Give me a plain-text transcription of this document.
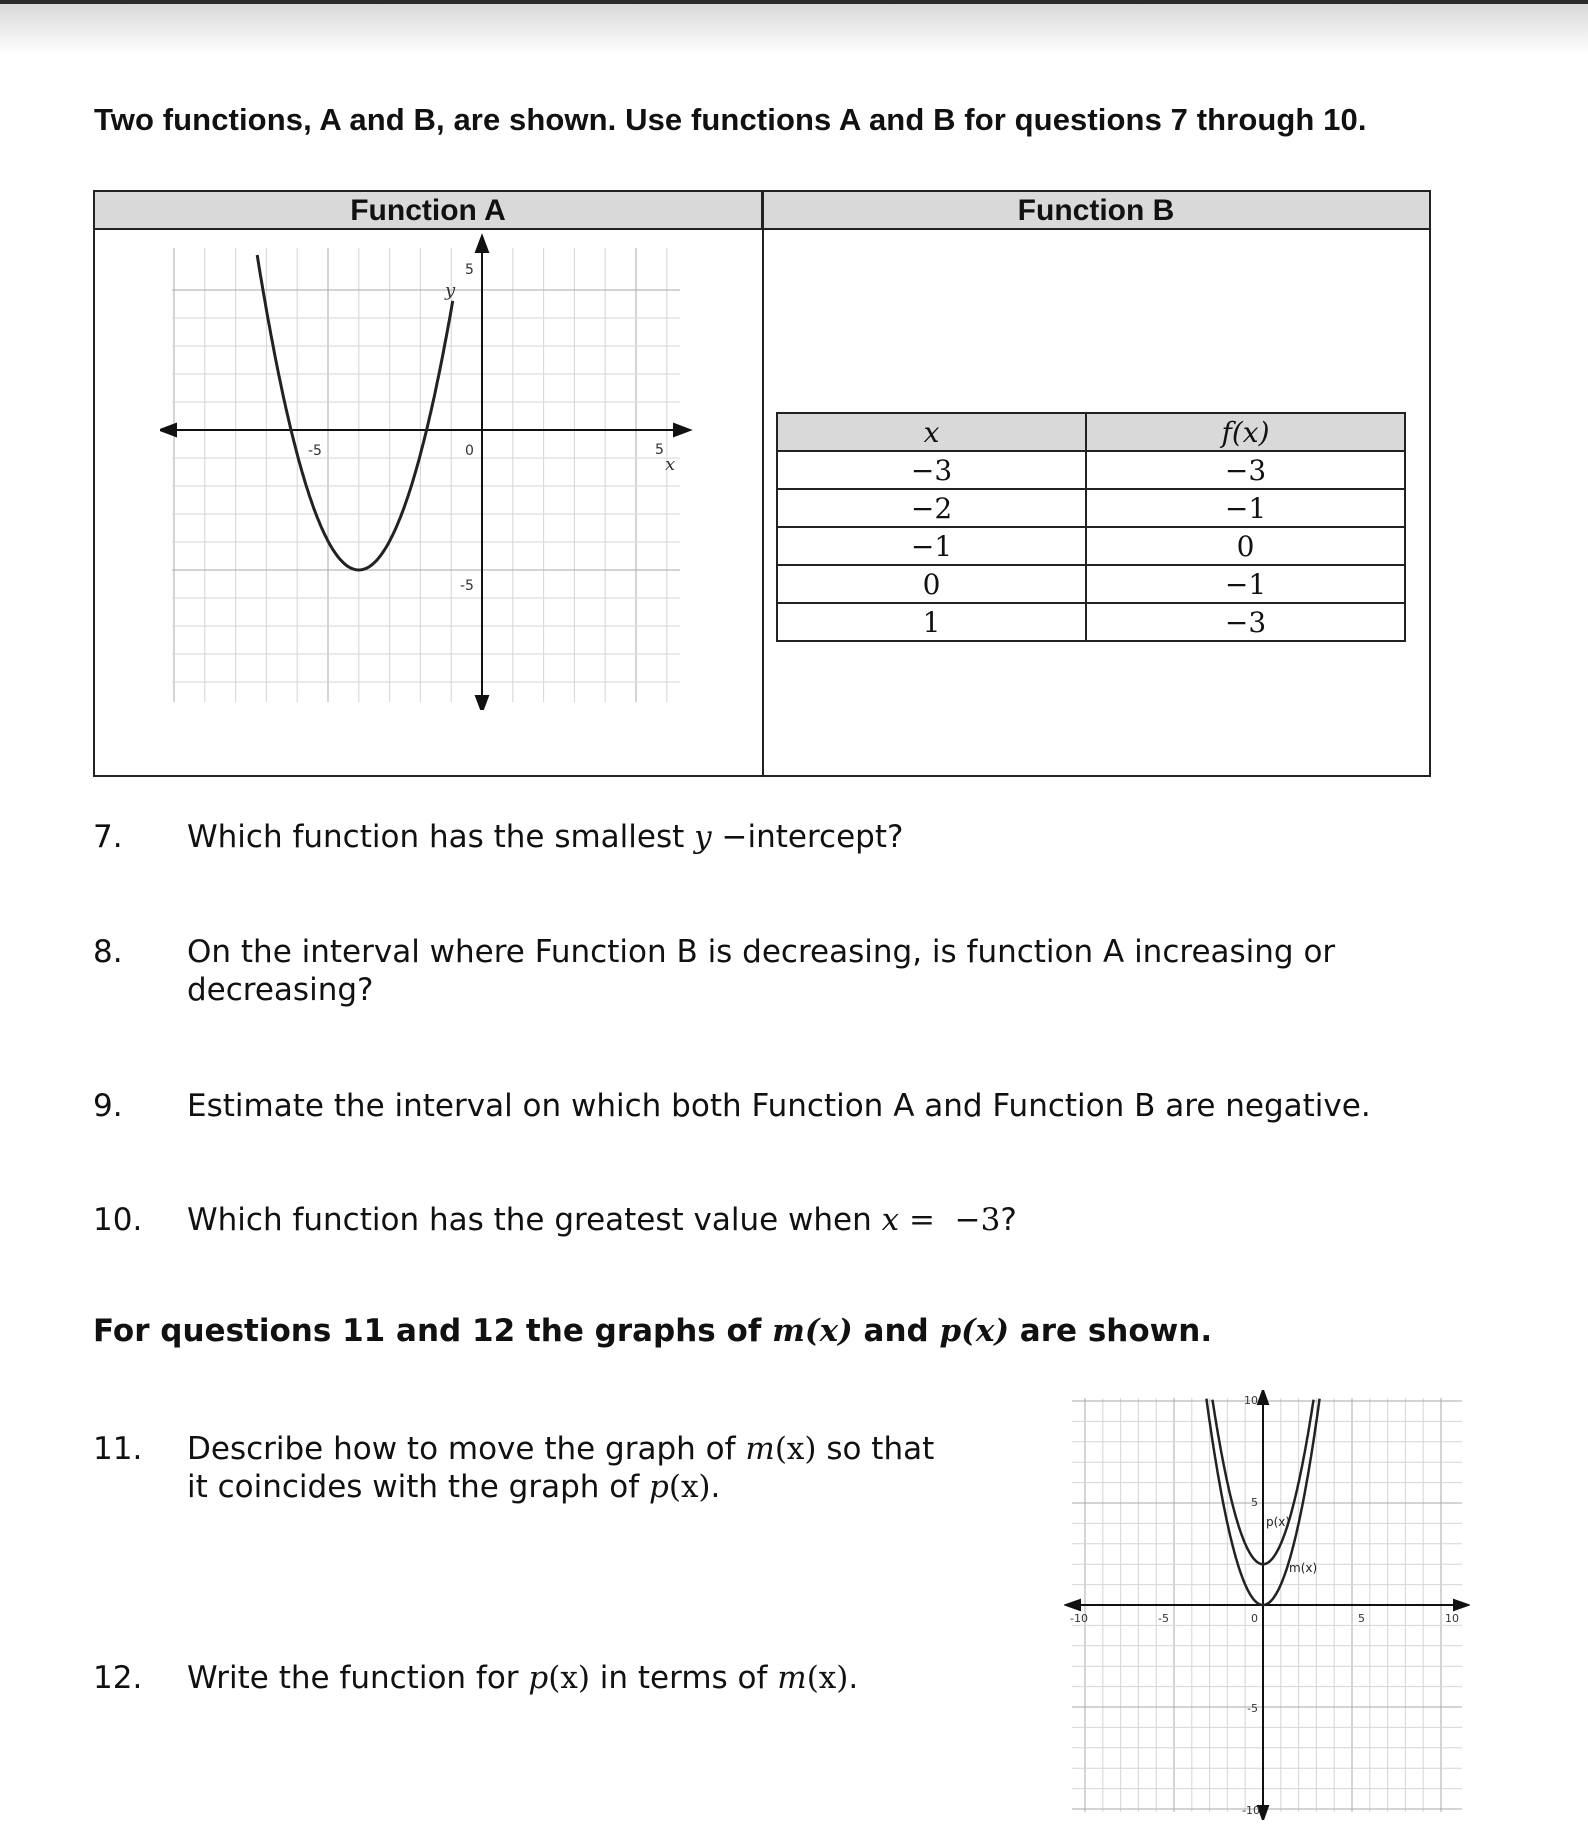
Two functions, A and B, are shown. Use functions A and B for questions 7 through 10.
Function A	Function B
-5	0	5
5
-5
y
x
x	f(x)
−3	−3
−2	−1
−1	0
0	−1
1	−3
7. Which function has the smallest y −intercept?
8. On the interval where Function B is decreasing, is function A increasing or
decreasing?
9. Estimate the interval on which both Function A and Function B are negative.
10. Which function has the greatest value when x =  −3?
For questions 11 and 12 the graphs of m(x) and p(x) are shown.
11. Describe how to move the graph of m(x) so that
it coincides with the graph of p(x).
12. Write the function for p(x) in terms of m(x).
p(x)
m(x)
-10	-5	0	5	10
10
5
-5
-10
